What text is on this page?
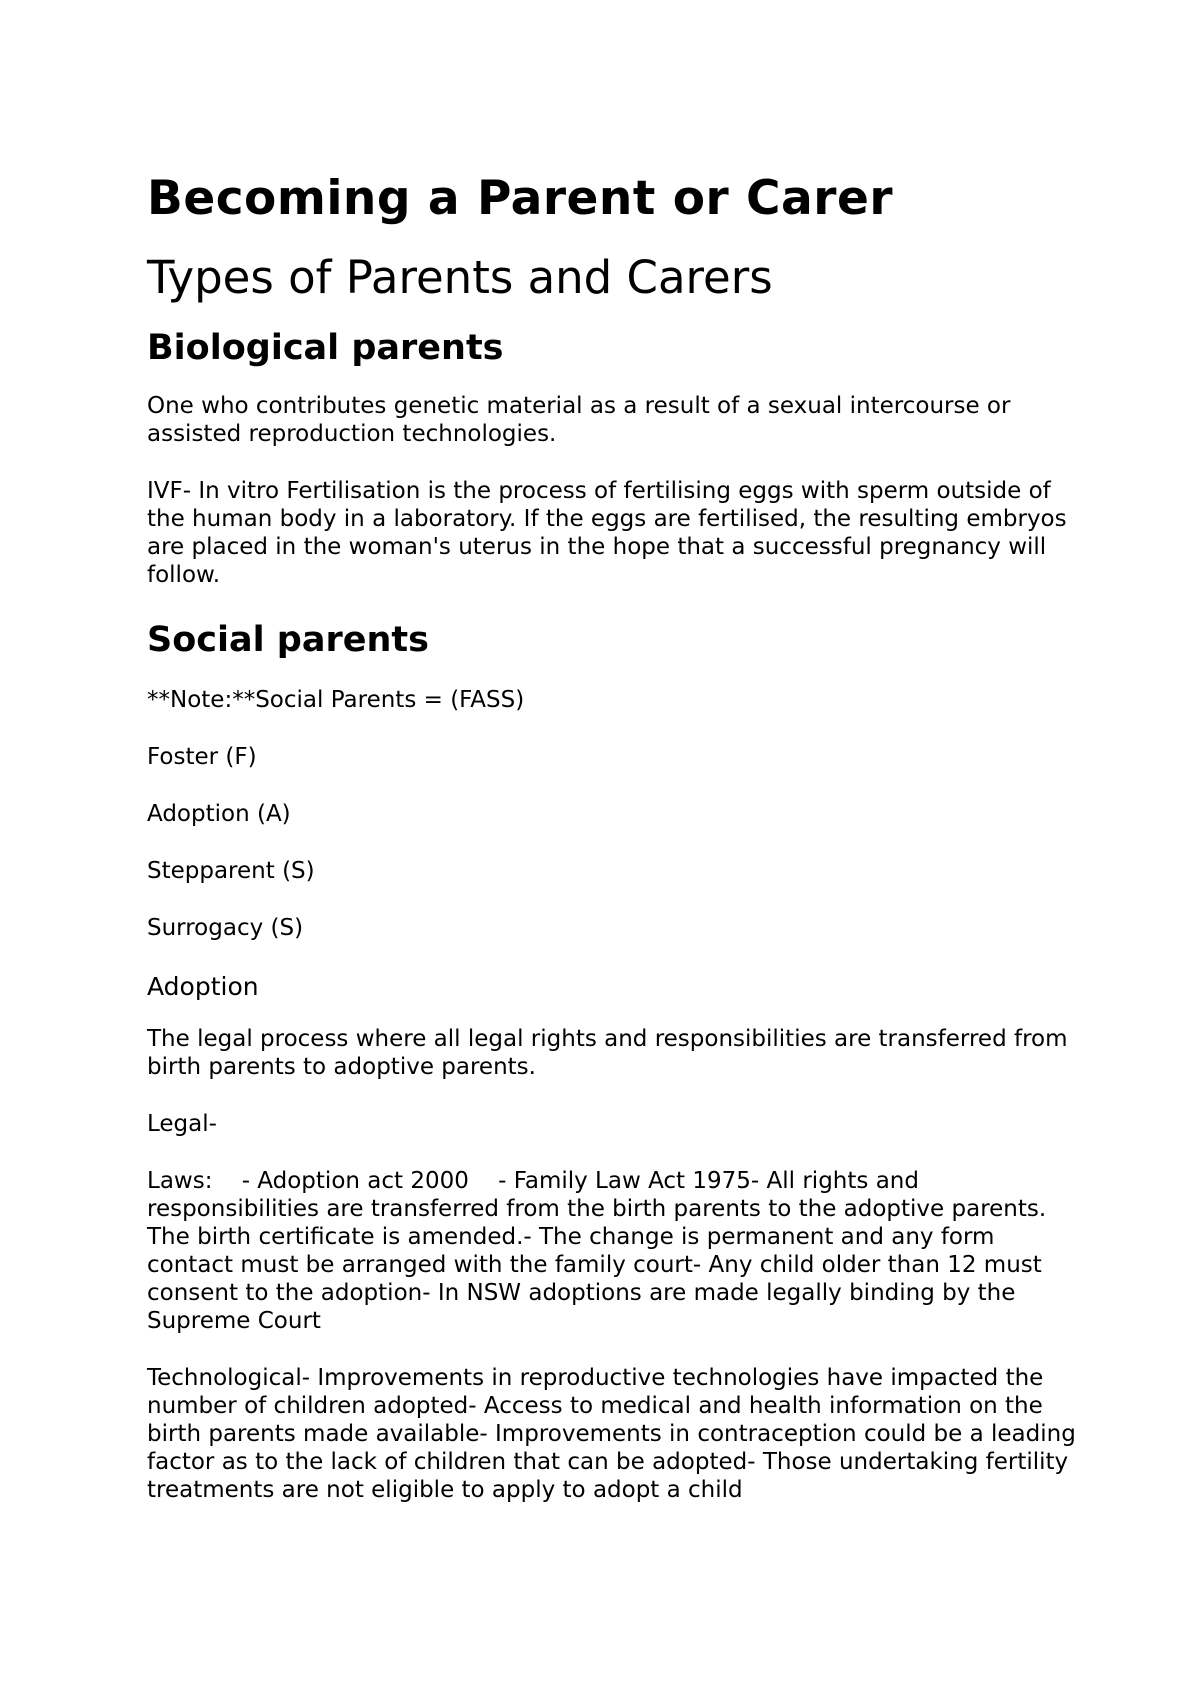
Becoming a Parent or Carer
Types of Parents and Carers
Biological parents

One who contributes genetic material as a result of a sexual intercourse or assisted reproduction technologies.

IVF- In vitro Fertilisation is the process of fertilising eggs with sperm outside of the human body in a laboratory. If the eggs are fertilised, the resulting embryos are placed in the woman's uterus in the hope that a successful pregnancy will follow.

Social parents

**Note:**Social Parents = (FASS)

Foster (F)

Adoption (A)

Stepparent (S)

Surrogacy (S)

Adoption

The legal process where all legal rights and responsibilities are transferred from birth parents to adoptive parents.

Legal-

Laws:    - Adoption act 2000    - Family Law Act 1975- All rights and responsibilities are transferred from the birth parents to the adoptive parents. The birth certificate is amended.- The change is permanent and any form contact must be arranged with the family court- Any child older than 12 must consent to the adoption- In NSW adoptions are made legally binding by the Supreme Court

Technological- Improvements in reproductive technologies have impacted the number of children adopted- Access to medical and health information on the birth parents made available- Improvements in contraception could be a leading factor as to the lack of children that can be adopted- Those undertaking fertility treatments are not eligible to apply to adopt a child
